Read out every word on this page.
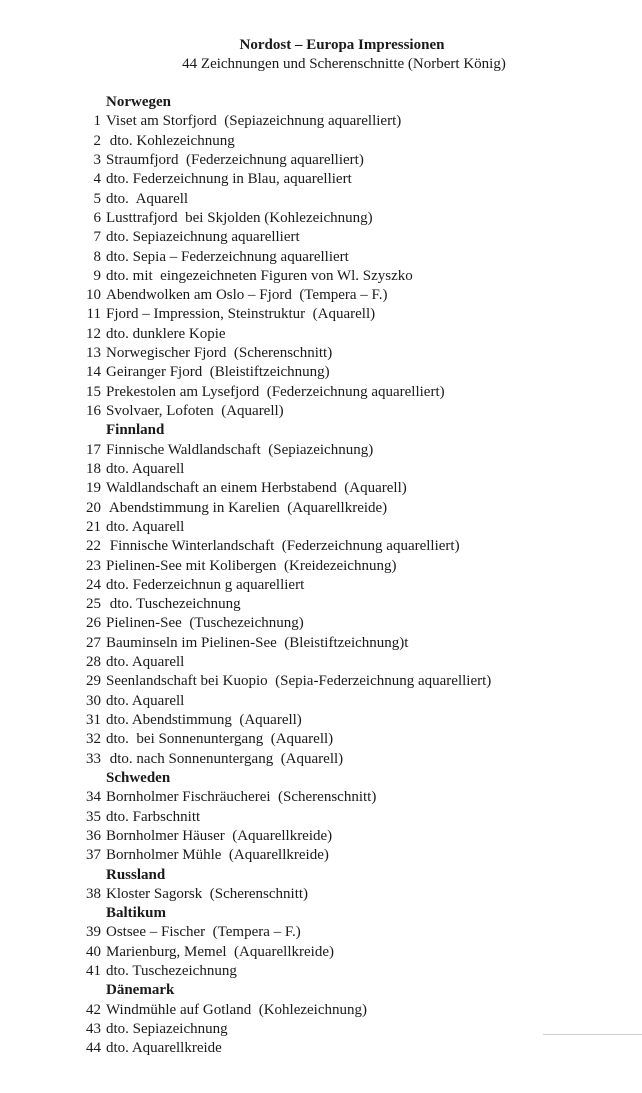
Nordost – Europa Impressionen
44 Zeichnungen und Scherenschnitte (Norbert König)
Norwegen
1 Viset am Storfjord  (Sepiazeichnung aquarelliert)
2 dto. Kohlezeichnung
3 Straumfjord  (Federzeichnung aquarelliert)
4 dto. Federzeichnung in Blau, aquarelliert
5 dto.  Aquarell
6 Lusttrafjord  bei Skjolden (Kohlezeichnung)
7 dto. Sepiazeichnung aquarelliert
8 dto. Sepia – Federzeichnung aquarelliert
9 dto. mit  eingezeichneten Figuren von Wl. Szyszko
10 Abendwolken am Oslo – Fjord  (Tempera – F.)
11 Fjord – Impression, Steinstruktur  (Aquarell)
12 dto. dunklere Kopie
13 Norwegischer Fjord  (Scherenschnitt)
14 Geiranger Fjord  (Bleistiftzeichnung)
15 Prekestolen am Lysefjord  (Federzeichnung aquarelliert)
16 Svolvaer, Lofoten  (Aquarell)
Finnland
17 Finnische Waldlandschaft  (Sepiazeichnung)
18 dto. Aquarell
19 Waldlandschaft an einem Herbstabend  (Aquarell)
20 Abendstimmung in Karelien  (Aquarellkreide)
21 dto. Aquarell
22 Finnische Winterlandschaft  (Federzeichnung aquarelliert)
23 Pielinen-See mit Kolibergen  (Kreidezeichnung)
24 dto. Federzeichnun g aquarelliert
25 dto. Tuschezeichnung
26 Pielinen-See  (Tuschezeichnung)
27 Bauminseln im Pielinen-See  (Bleistiftzeichnung)t
28 dto. Aquarell
29 Seenlandschaft bei Kuopio  (Sepia-Federzeichnung aquarelliert)
30 dto. Aquarell
31 dto. Abendstimmung  (Aquarell)
32 dto.  bei Sonnenuntergang  (Aquarell)
33 dto. nach Sonnenuntergang  (Aquarell)
Schweden
34 Bornholmer Fischräucherei  (Scherenschnitt)
35 dto. Farbschnitt
36 Bornholmer Häuser  (Aquarellkreide)
37 Bornholmer Mühle  (Aquarellkreide)
Russland
38 Kloster Sagorsk  (Scherenschnitt)
Baltikum
39 Ostsee – Fischer  (Tempera – F.)
40 Marienburg, Memel  (Aquarellkreide)
41 dto. Tuschezeichnung
Dänemark
42 Windmühle auf Gotland  (Kohlezeichnung)
43 dto. Sepiazeichnung
44 dto. Aquarellkreide
